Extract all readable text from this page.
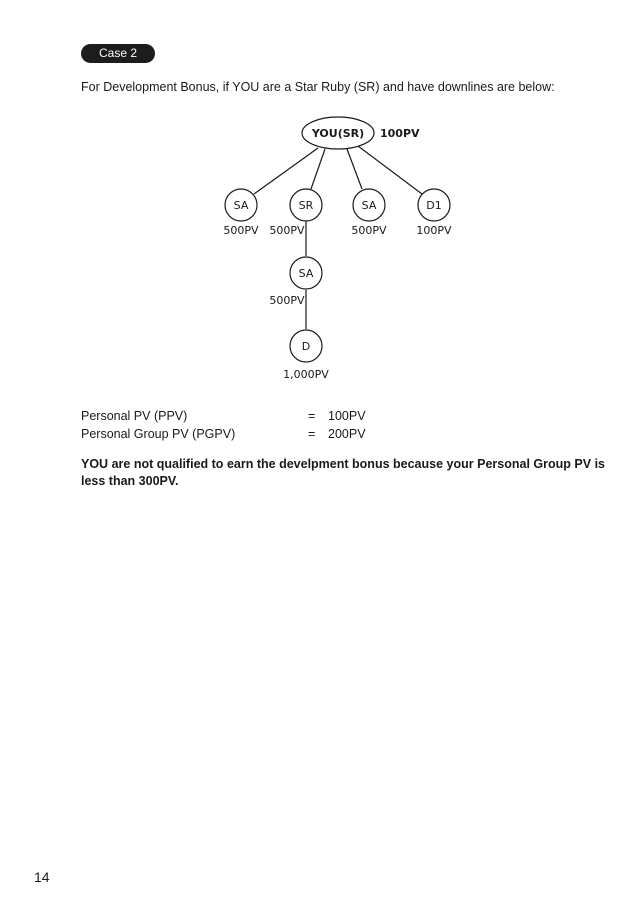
Case 2
For Development Bonus, if YOU are a Star Ruby (SR) and have downlines are below:
YOU(SR)
SA	SR	SA	D1
SA
D
100PV
500PV 500PV	500PV	100PV
500PV
1,000PV
Personal PV (PPV)	= 100PV
Personal Group PV (PGPV)	= 200PV
YOU are not qualified to earn the develpment bonus because your Personal Group PV is less than 300PV.
14
